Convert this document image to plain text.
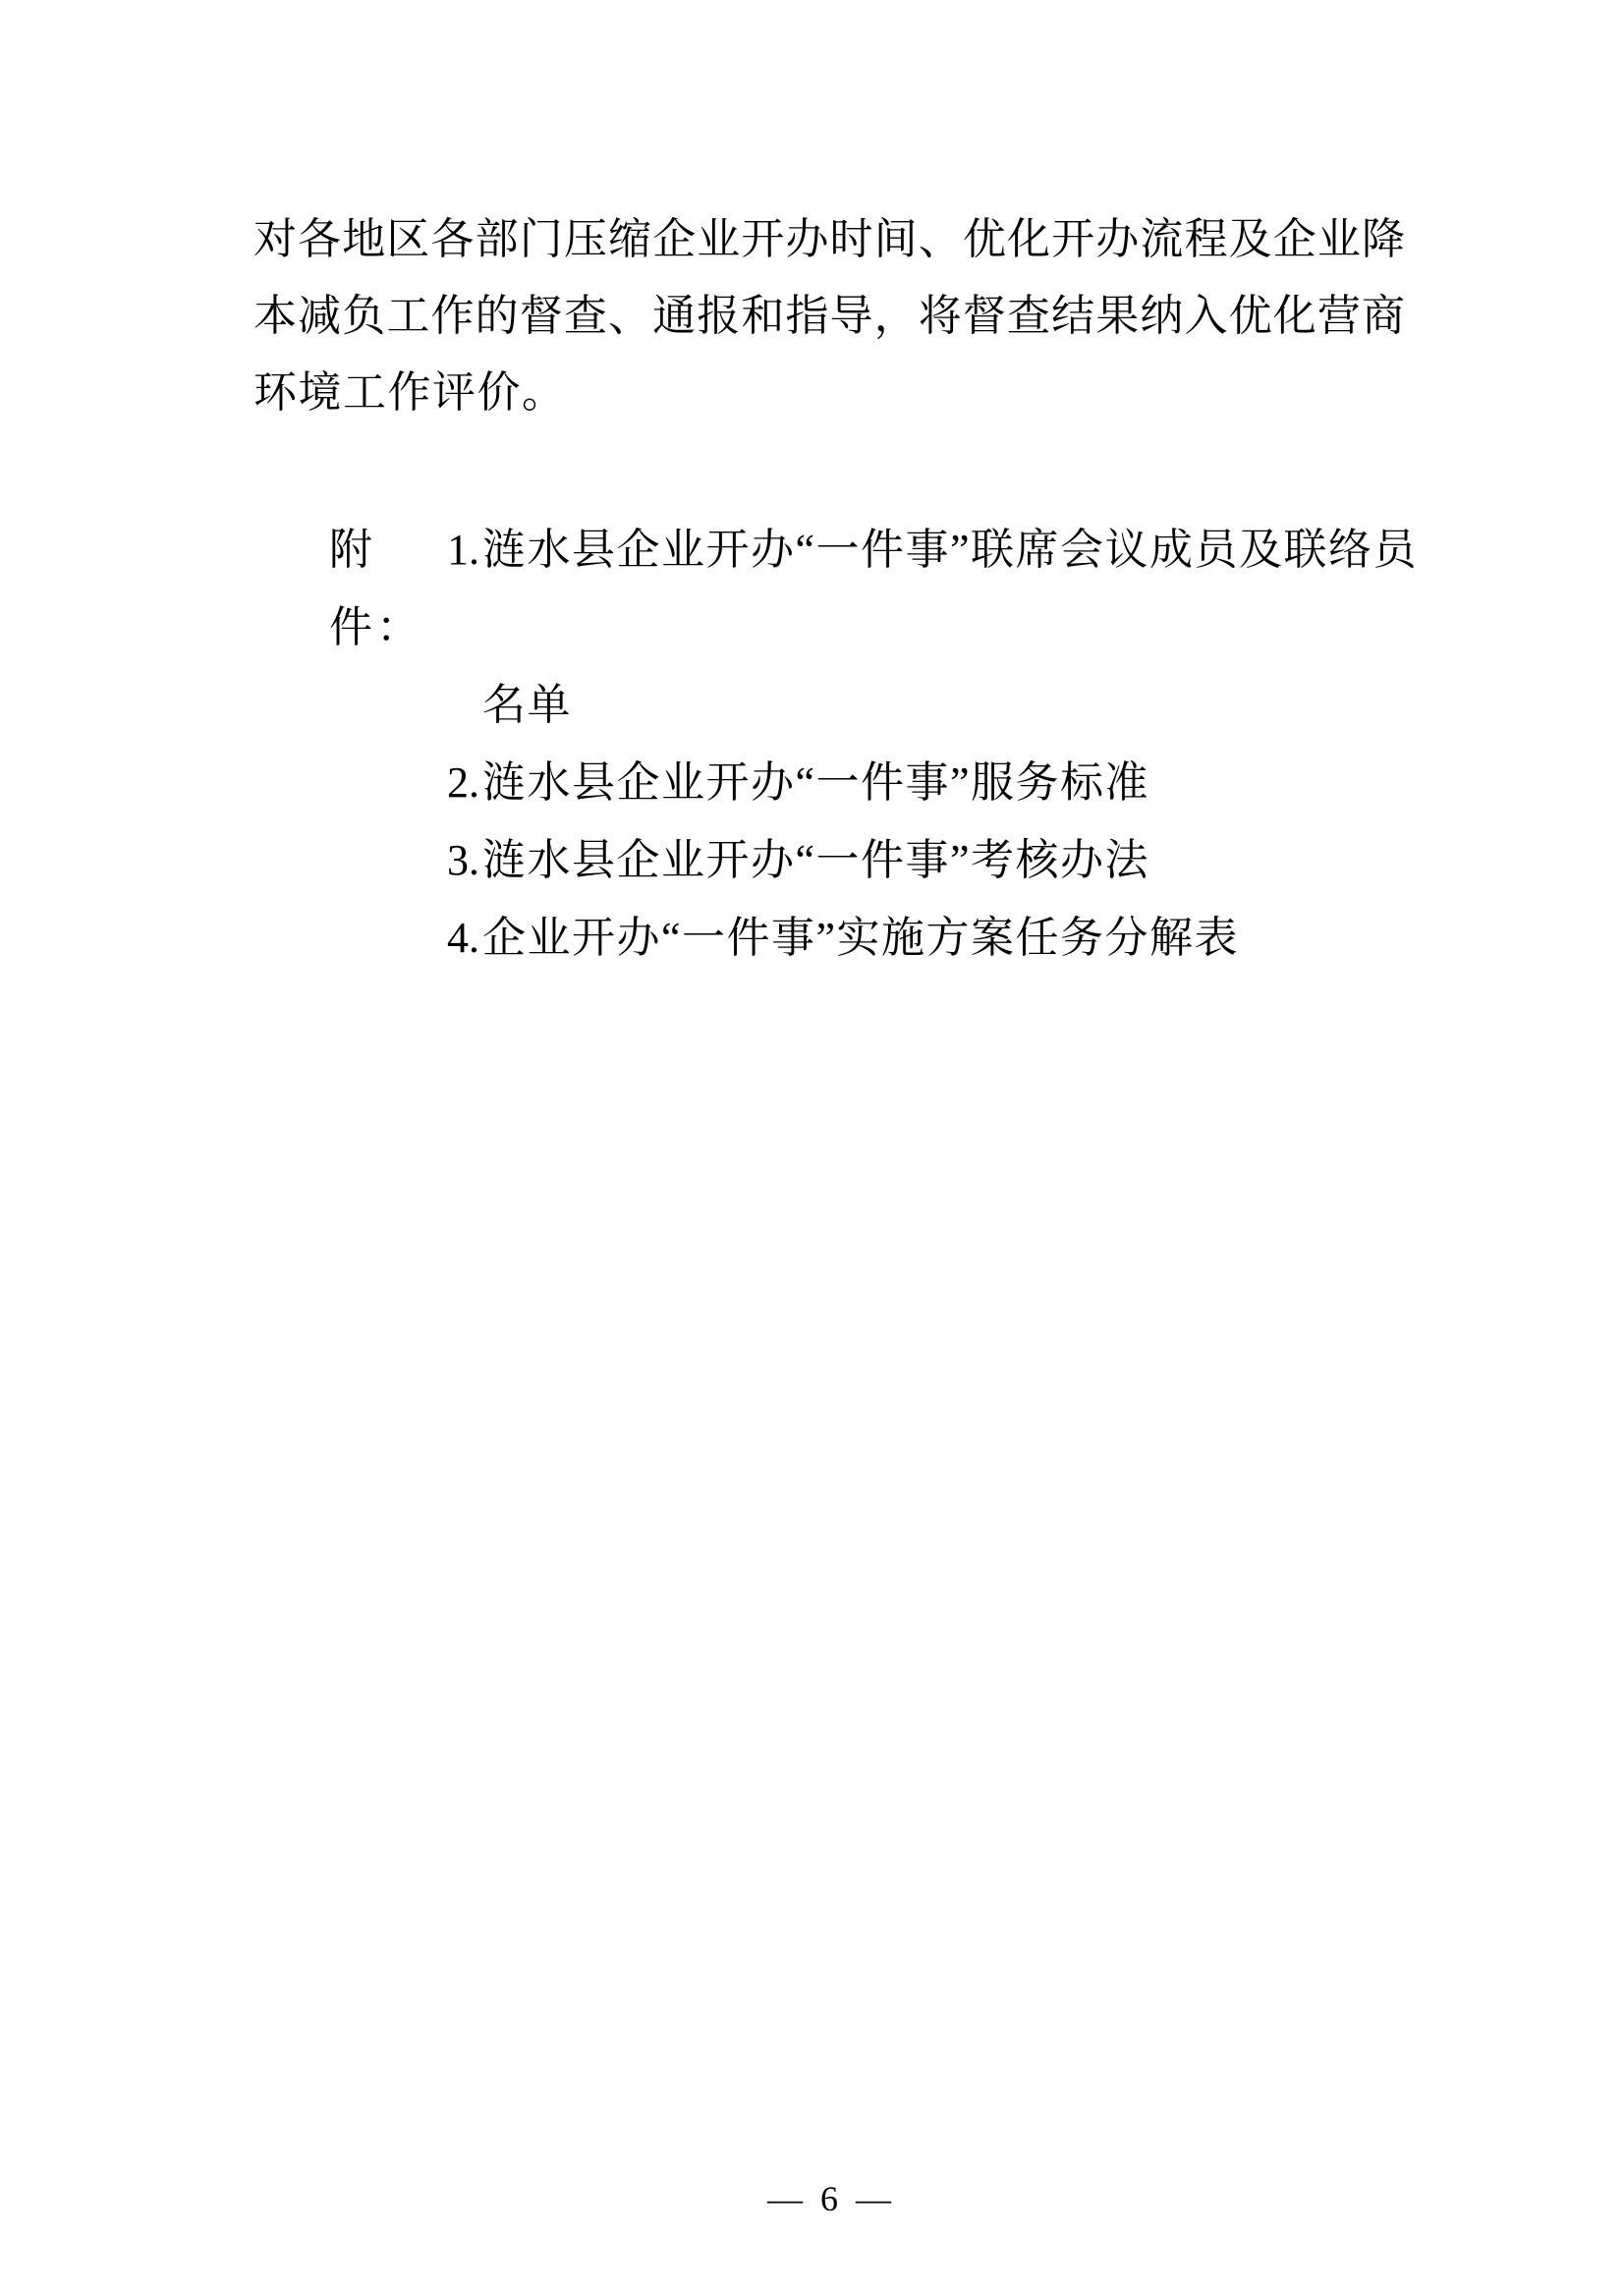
对各地区各部门压缩企业开办时间、优化开办流程及企业降

本减负工作的督查、通报和指导，将督查结果纳入优化营商

环境工作评价。

附件：
1. 涟水县企业开办“一件事”联席会议成员及联络员
名单
2. 涟水县企业开办“一件事”服务标准
3. 涟水县企业开办“一件事”考核办法
4. 企业开办“一件事”实施方案任务分解表
— 6 —
